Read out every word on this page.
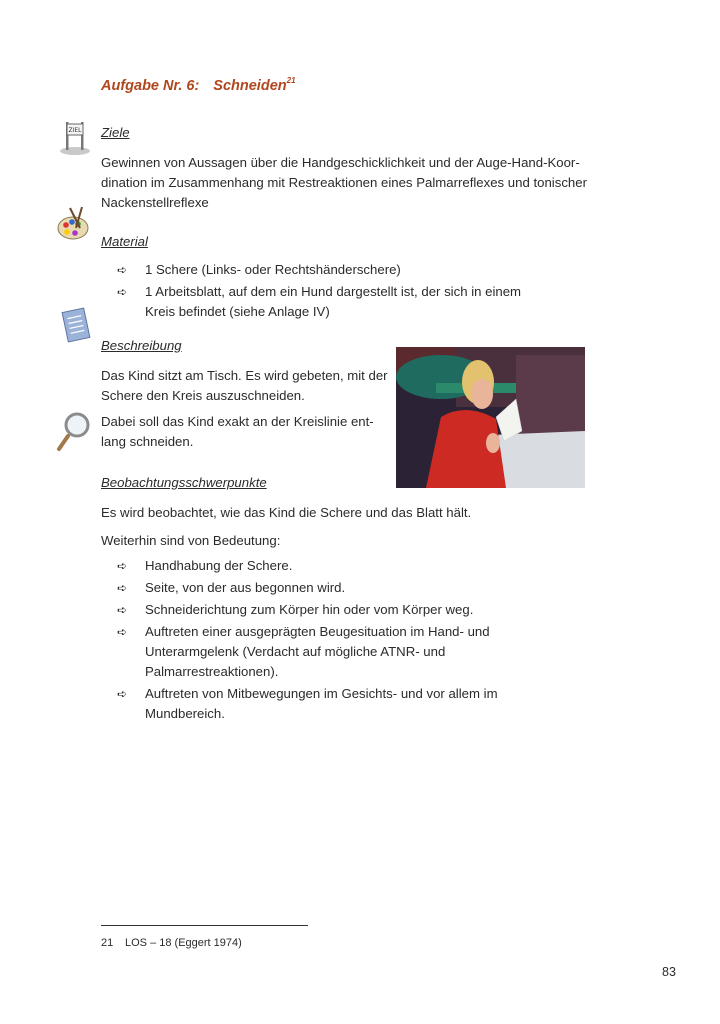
Aufgabe Nr. 6: Schneiden$^{21}$
ZIEL Ziele
Gewinnen von Aussagen über die Handgeschicklichkeit und der Auge-Hand-Koor-
dination im Zusammenhang mit Restreaktionen eines Palmarreflexes und tonischer
Nackenstellreflexe
Material
➪ 1 Schere (Links- oder Rechtshänderschere)
➪ 1 Arbeitsblatt, auf dem ein Hund dargestellt ist, der sich in einem
Kreis befindet (siehe Anlage IV)
Beschreibung
Das Kind sitzt am Tisch. Es wird gebeten, mit der
Schere den Kreis auszuschneiden.
Dabei soll das Kind exakt an der Kreislinie ent-
lang schneiden.
Beobachtungsschwerpunkte
Es wird beobachtet, wie das Kind die Schere und das Blatt hält.
Weiterhin sind von Bedeutung:
➪ Handhabung der Schere.
➪ Seite, von der aus begonnen wird.
➪ Schneiderichtung zum Körper hin oder vom Körper weg.
➪ Auftreten einer ausgeprägten Beugesituation im Hand- und
Unterarmgelenk (Verdacht auf mögliche ATNR- und
Palmarrestreaktionen).
➪ Auftreten von Mitbewegungen im Gesichts- und vor allem im
Mundbereich.
21 LOS – 18 (Eggert 1974)
83
